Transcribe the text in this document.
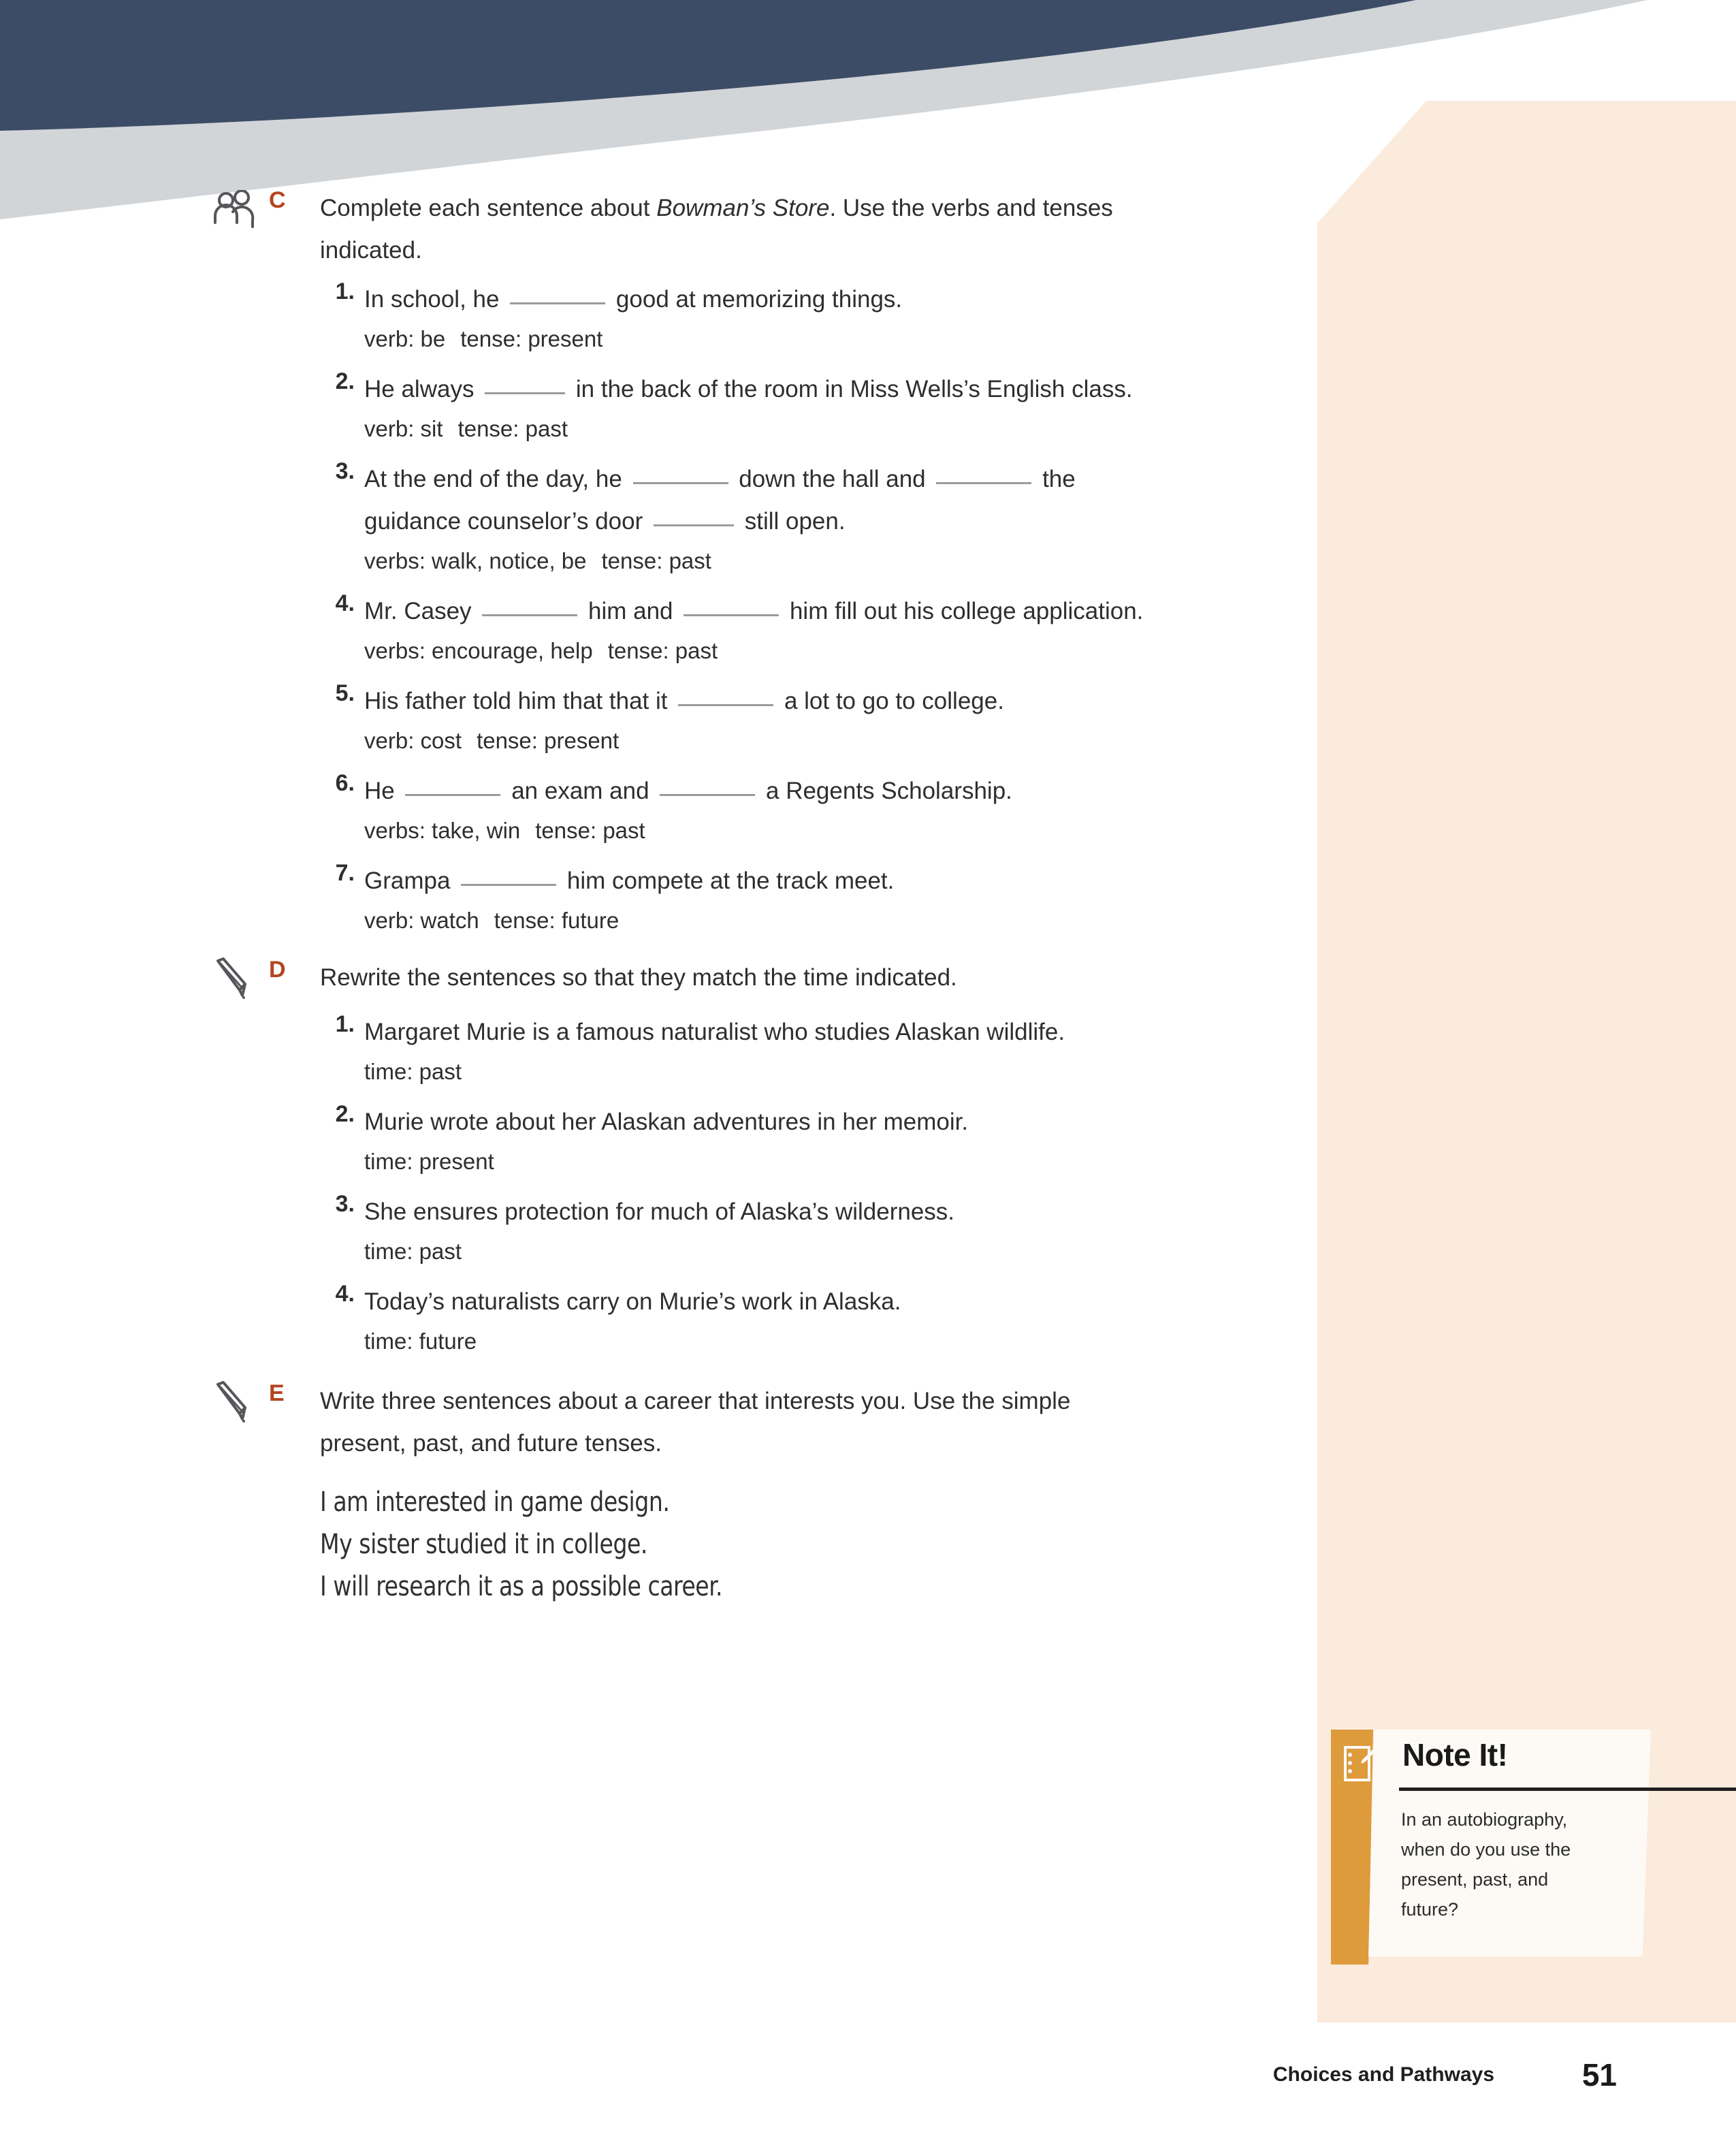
C Complete each sentence about Bowman’s Store. Use the verbs and tenses indicated.
1. In school, he	good at memorizing things.
verb: be tense: present
2. He always	in the back of the room in Miss Wells’s English class.
verb: sit tense: past
3. At the end of the day, he	down the hall and	the guidance counselor’s door	still open.
verbs: walk, notice, be tense: past
4. Mr. Casey	him and	him fill out his college application.
verbs: encourage, help tense: past
5. His father told him that that it	a lot to go to college.
verb: cost tense: present
6. He	an exam and	a Regents Scholarship.
verbs: take, win tense: past
7. Grampa	him compete at the track meet.
verb: watch tense: future
D Rewrite the sentences so that they match the time indicated.
1. Margaret Murie is a famous naturalist who studies Alaskan wildlife.
time: past
2. Murie wrote about her Alaskan adventures in her memoir.
time: present
3. She ensures protection for much of Alaska’s wilderness.
time: past
4. Today’s naturalists carry on Murie’s work in Alaska.
time: future
E Write three sentences about a career that interests you. Use the simple present, past, and future tenses.
I am interested in game design.
My sister studied it in college.
I will research it as a possible career.
Note It!
In an autobiography, when do you use the present, past, and future?
Choices and Pathways	51
